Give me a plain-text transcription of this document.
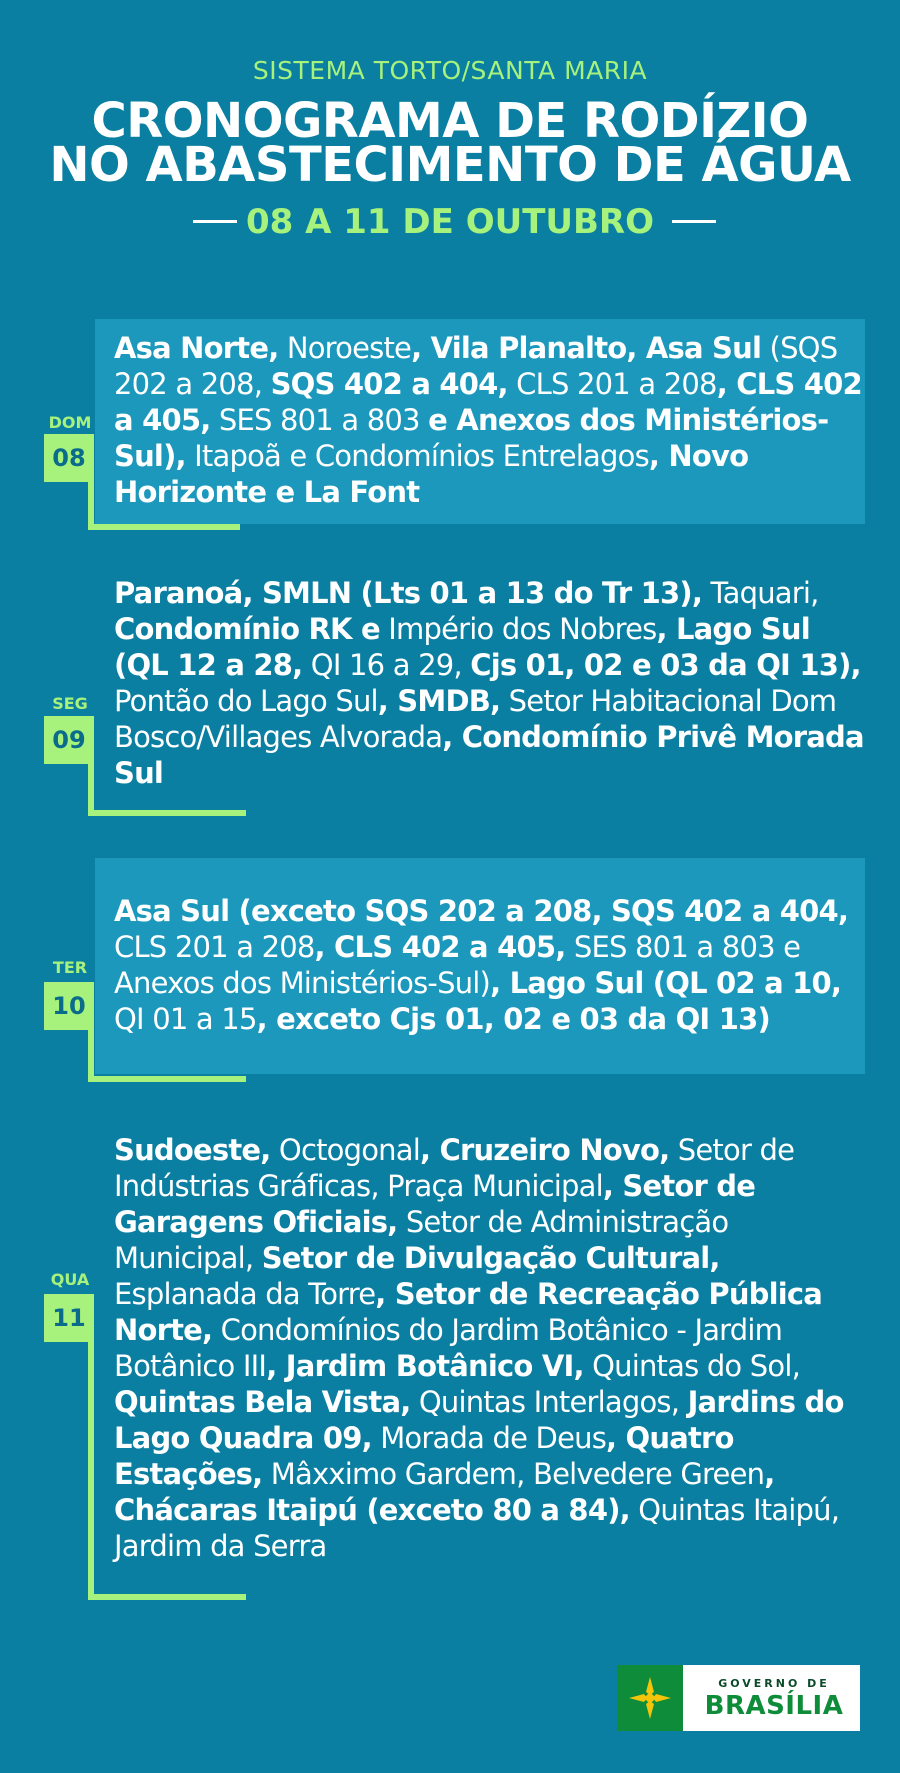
SISTEMA TORTO/SANTA MARIA
CRONOGRAMA DE RODÍZIO
NO ABASTECIMENTO DE ÁGUA
08 A 11 DE OUTUBRO
DOM
08
Asa Norte, Noroeste, Vila Planalto, Asa Sul (SQS 202 a 208, SQS 402 a 404, CLS 201 a 208, CLS 402 a 405, SES 801 a 803 e Anexos dos Ministérios-Sul), Itapoã e Condomínios Entrelagos, Novo Horizonte e La Font
SEG
09
Paranoá, SMLN (Lts 01 a 13 do Tr 13), Taquari, Condomínio RK e Império dos Nobres, Lago Sul (QL 12 a 28, QI 16 a 29, Cjs 01, 02 e 03 da QI 13), Pontão do Lago Sul, SMDB, Setor Habitacional Dom Bosco/Villages Alvorada, Condomínio Privê Morada Sul
TER
10
Asa Sul (exceto SQS 202 a 208, SQS 402 a 404, CLS 201 a 208, CLS 402 a 405, SES 801 a 803 e Anexos dos Ministérios-Sul), Lago Sul (QL 02 a 10, QI 01 a 15, exceto Cjs 01, 02 e 03 da QI 13)
QUA
11
Sudoeste, Octogonal, Cruzeiro Novo, Setor de Indústrias Gráficas, Praça Municipal, Setor de Garagens Oficiais, Setor de Administração Municipal, Setor de Divulgação Cultural, Esplanada da Torre, Setor de Recreação Pública Norte, Condomínios do Jardim Botânico - Jardim Botânico III, Jardim Botânico VI, Quintas do Sol, Quintas Bela Vista, Quintas Interlagos, Jardins do Lago Quadra 09, Morada de Deus, Quatro Estações, Mâxximo Gardem, Belvedere Green, Chácaras Itaipú (exceto 80 a 84), Quintas Itaipú, Jardim da Serra
GOVERNO DE
BRASÍLIA
